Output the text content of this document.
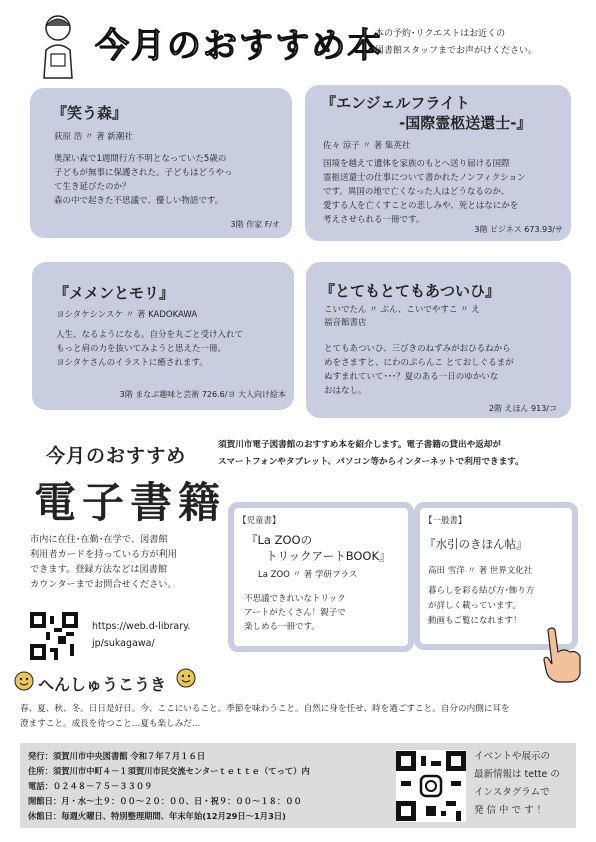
今月のおすすめ本
本の予約･リクエストはお近くの
図書館スタッフまでお声がけください。
『笑う森』
荻原 浩 〃 著 新潮社
奥深い森で1週間行方不明となっていた5歳の
子どもが無事に保護された。子どもはどうやっ
て生き延びたのか？
森の中で起きた不思議で、優しい物語です。
3階 作家 F/オ
『エンジェルフライト
-国際霊柩送還士-』
佐々 涼子 〃 著 集英社
国境を越えて遺体を家族のもとへ送り届ける国際
霊柩送還士の仕事について書かれたノンフィクション
です。異国の地で亡くなった人はどうなるのか、
愛する人を亡くすことの悲しみや、死とはなにかを
考えさせられる一冊です。
3階 ビジネス 673.93/サ
『メメンとモリ』
ヨシタケシンスケ 〃 著 KADOKAWA
人生、なるようになる。自分を丸ごと受け入れて
もっと肩の力を抜いてみようと思えた一冊。
ヨシタケさんのイラストに癒されます。
3階 まなぶ趣味と芸術 726.6/ヨ 大人向け絵本
『とてもとてもあついひ』
こいでたん 〃 ぶん、こいでやすこ 〃 え
福音館書店
とてもあついひ、三びきのねずみがおひるねから
めをさますと、にわのぷらんこ とておしぐるまが
ぬすまれていて･･･？夏のある一日のゆかいな
おはなし。
2階 えほん 913/コ
今月のおすすめ
電子書籍
須賀川市電子図書館のおすすめ本を紹介します。電子書籍の貸出や返却が
スマートフォンやタブレット、パソコン等からインターネットで利用できます。
市内に在住･在勤･在学で、図書館
利用者カードを持っている方が利用
できます。登録方法などは図書館
カウンターまでお問合せください。
https://web.d-library.
jp/sukagawa/
【児童書】
『La ZOOの
トリックアートBOOK』
La ZOO 〃 著 学研プラス
不思議できれいなトリック
アートがたくさん！親子で
楽しめる一冊です。
【一般書】
『水引のきほん帖』
高田 雪洋 〃 著 世界文化社
暮らしを彩る結び方･飾り方
が詳しく載っています。
動画もご覧になれます！
へんしゅうこうき
春、夏、秋、冬。日日是好日。今、ここにいること。季節を味わうこと。自然に身を任せ、時を過ごすこと。自分の内側に耳を
澄ますこと。成長を待つこと…夏も楽しみだ…
発行：須賀川市中央図書館 令和７年７月１６日
住所：須賀川市中町４－１須賀川市民交流センターｔｅｔｔｅ（てって）内
電話：０２４８－７５－３３０９
開館日：月・水～土９：００～２０：００、日・祝９：００～１８：００
休館日：毎週火曜日、特別整理期間、年末年始(12月29日～1月3日)
イベントや展示の
最新情報は tette の
インスタグラムで
発 信 中 で す ！
